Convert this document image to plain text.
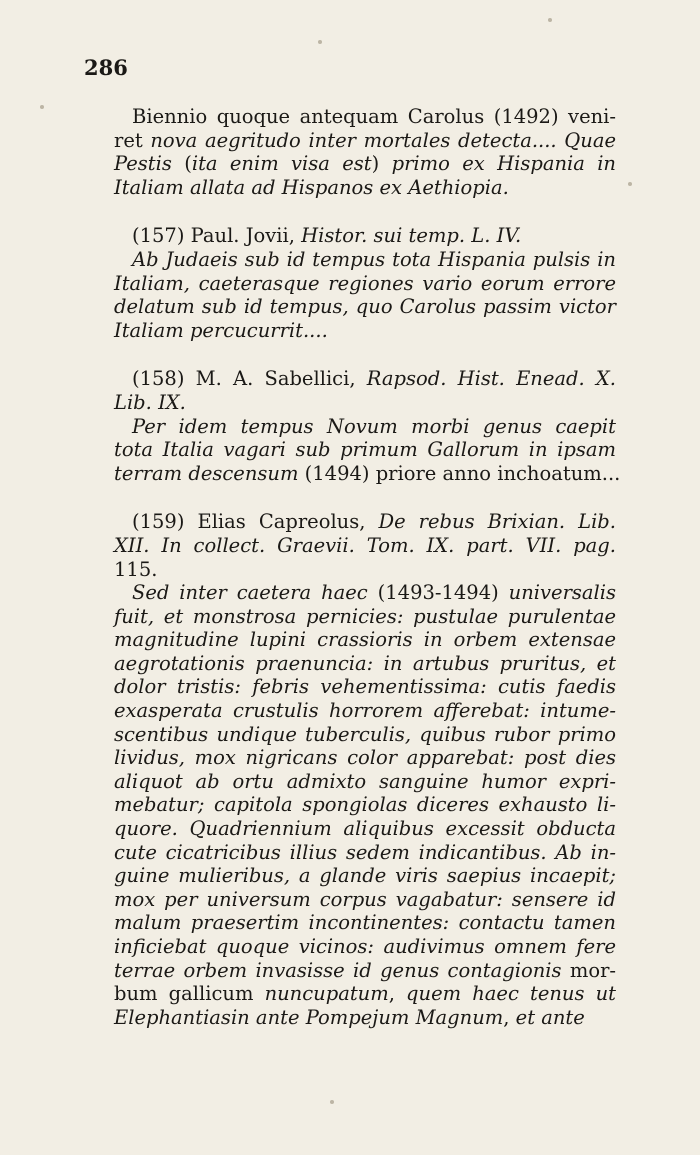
286
Biennio quoque antequam Carolus (1492) veni-
ret nova aegritudo inter mortales detecta.... Quae
Pestis (ita enim visa est) primo ex Hispania in
Italiam allata ad Hispanos ex Aethiopia.
(157) Paul. Jovii, Histor. sui temp. L. IV.
Ab Judaeis sub id tempus tota Hispania pulsis in
Italiam, caeterasque regiones vario eorum errore
delatum sub id tempus, quo Carolus passim victor
Italiam percucurrit....
(158) M. A. Sabellici, Rapsod. Hist. Enead. X.
Lib. IX.
Per idem tempus Novum morbi genus caepit
tota Italia vagari sub primum Gallorum in ipsam
terram descensum (1494) priore anno inchoatum...
(159) Elias Capreolus, De rebus Brixian. Lib.
XII. In collect. Graevii. Tom. IX. part. VII. pag.
115.
Sed inter caetera haec (1493-1494) universalis
fuit, et monstrosa pernicies: pustulae purulentae
magnitudine lupini crassioris in orbem extensae
aegrotationis praenuncia: in artubus pruritus, et
dolor tristis: febris vehementissima: cutis faedis
exasperata crustulis horrorem afferebat: intume-
scentibus undique tuberculis, quibus rubor primo
lividus, mox nigricans color apparebat: post dies
aliquot ab ortu admixto sanguine humor expri-
mebatur; capitola spongiolas diceres exhausto li-
quore. Quadriennium aliquibus excessit obducta
cute cicatricibus illius sedem indicantibus. Ab in-
guine mulieribus, a glande viris saepius incaepit;
mox per universum corpus vagabatur: sensere id
malum praesertim incontinentes: contactu tamen
inficiebat quoque vicinos: audivimus omnem fere
terrae orbem invasisse id genus contagionis mor-
bum gallicum nuncupatum, quem haec tenus ut
Elephantiasin ante Pompejum Magnum, et ante
